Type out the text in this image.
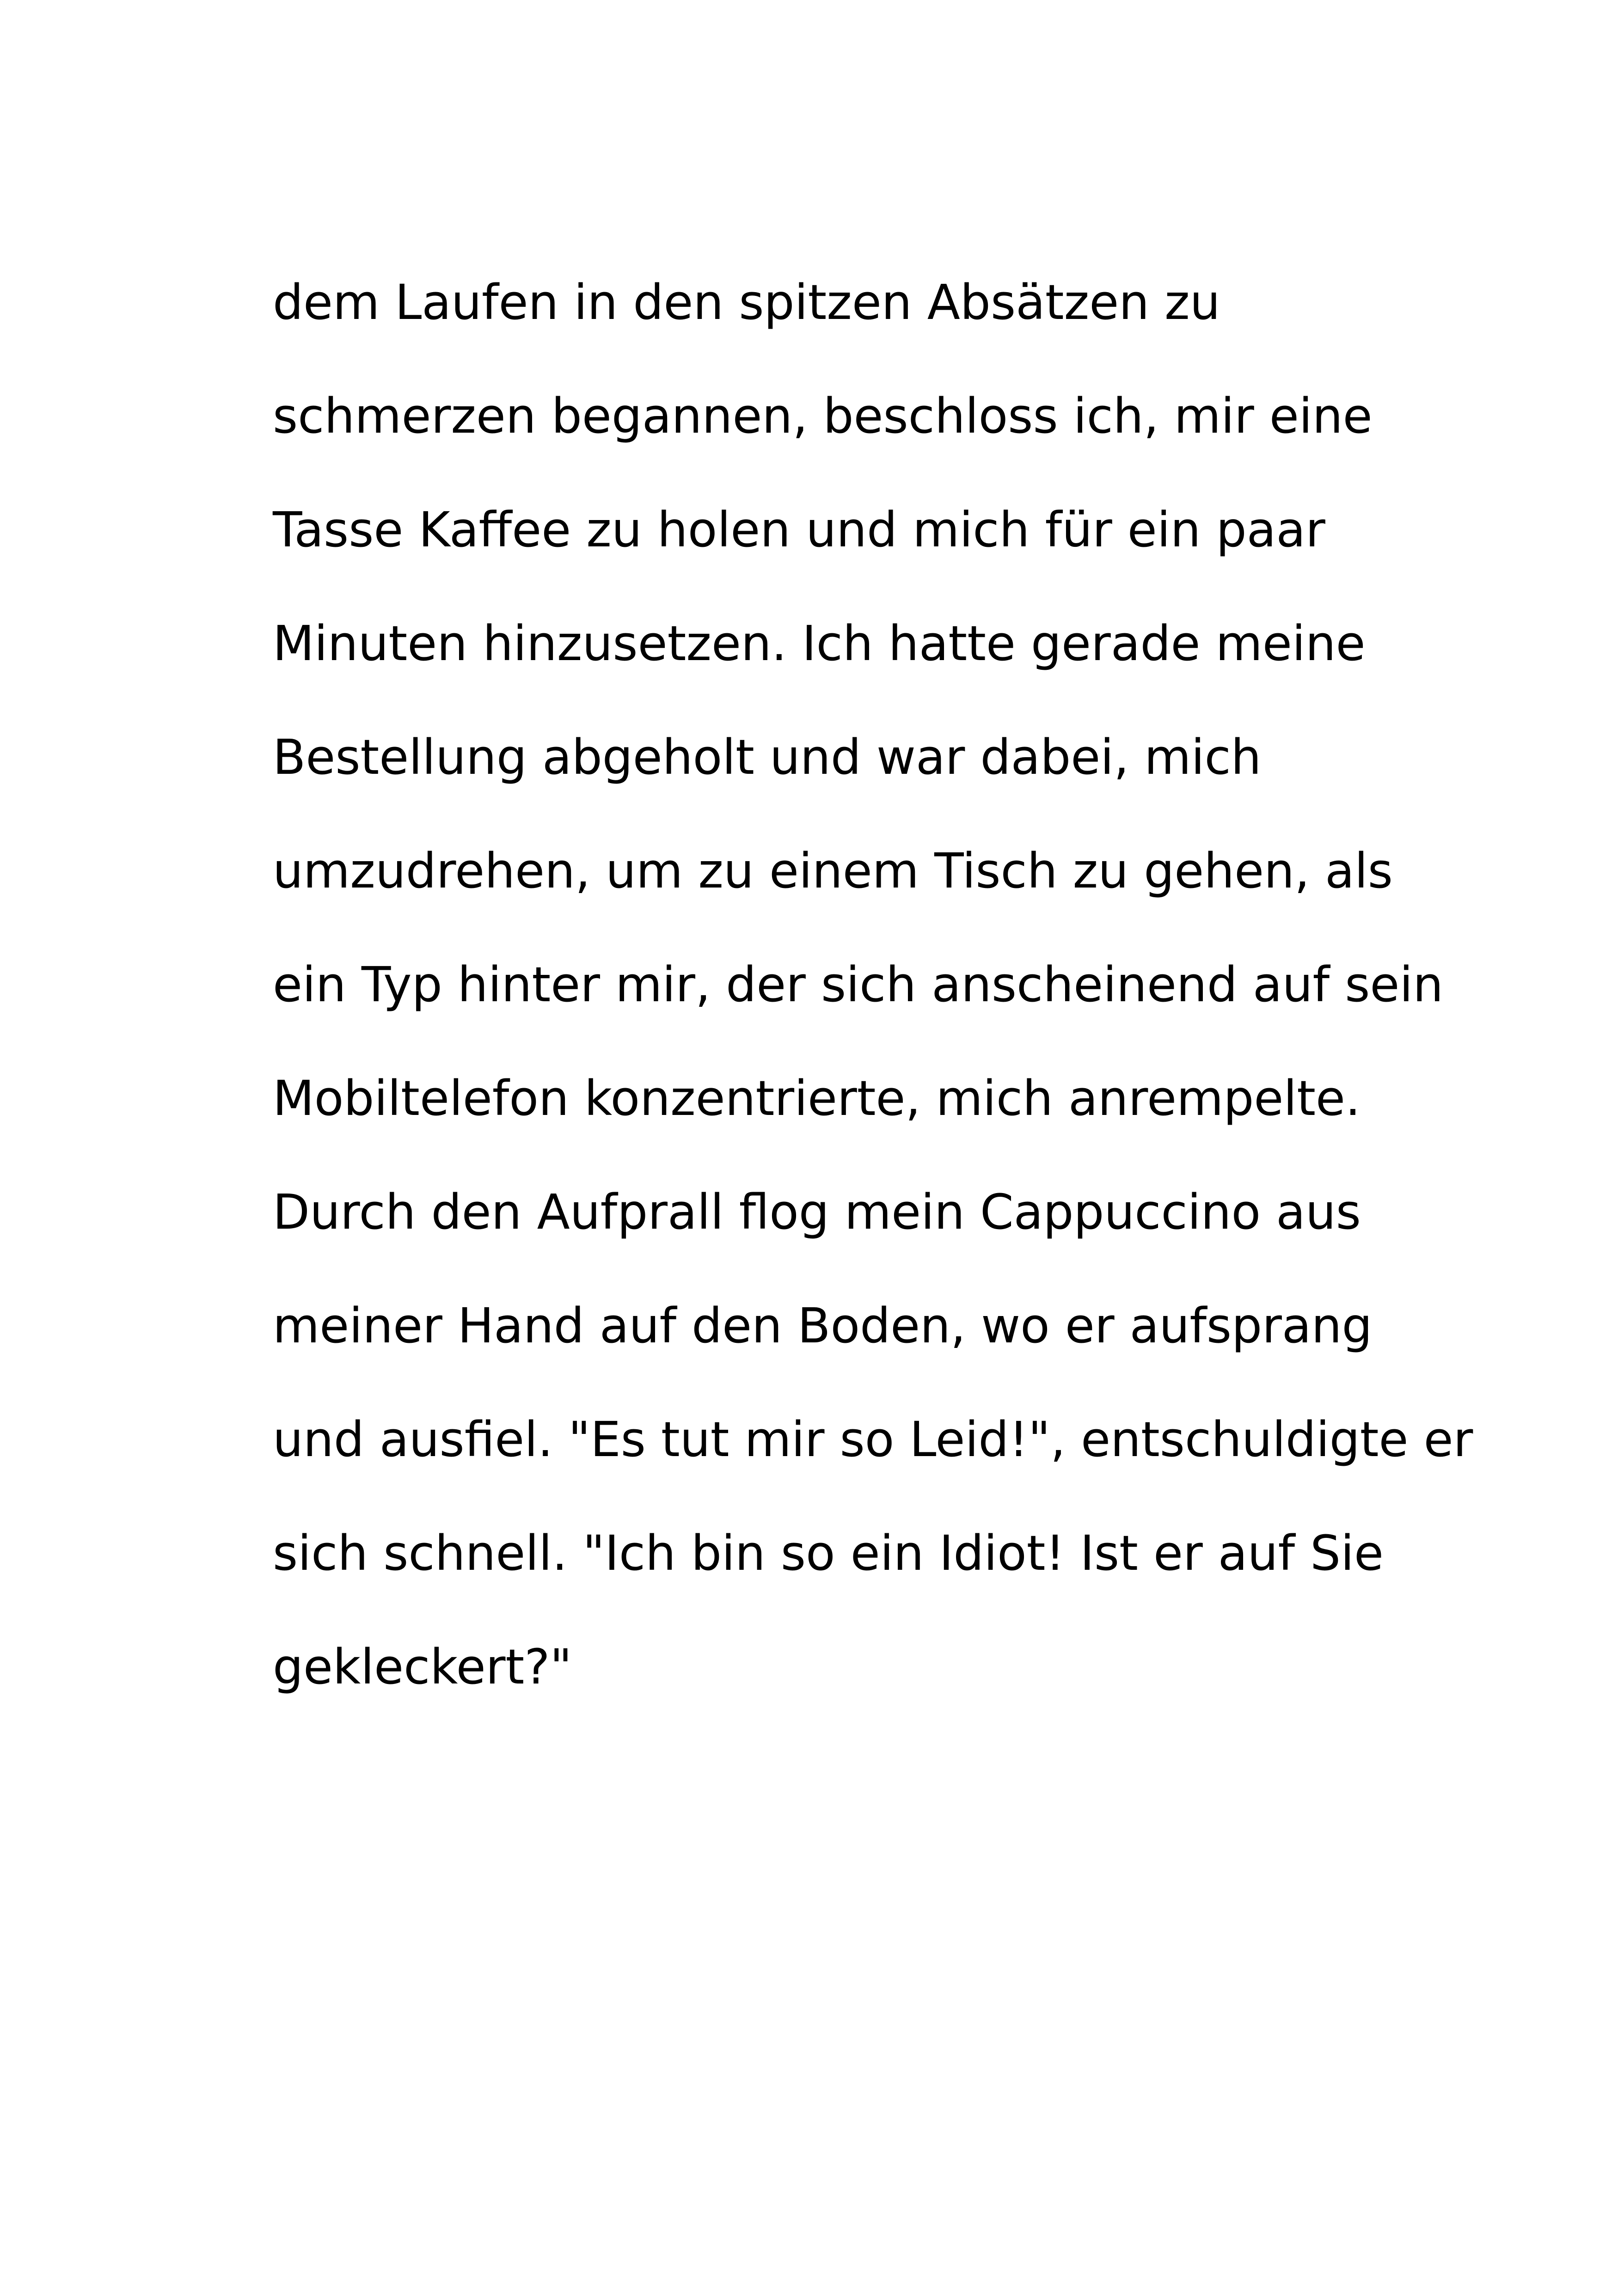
dem Laufen in den spitzen Absätzen zu
schmerzen begannen, beschloss ich, mir eine
Tasse Kaffee zu holen und mich für ein paar
Minuten hinzusetzen. Ich hatte gerade meine
Bestellung abgeholt und war dabei, mich
umzudrehen, um zu einem Tisch zu gehen, als
ein Typ hinter mir, der sich anscheinend auf sein
Mobiltelefon konzentrierte, mich anrempelte.
Durch den Aufprall flog mein Cappuccino aus
meiner Hand auf den Boden, wo er aufsprang
und ausfiel. "Es tut mir so Leid!", entschuldigte er
sich schnell. "Ich bin so ein Idiot! Ist er auf Sie
gekleckert?"
